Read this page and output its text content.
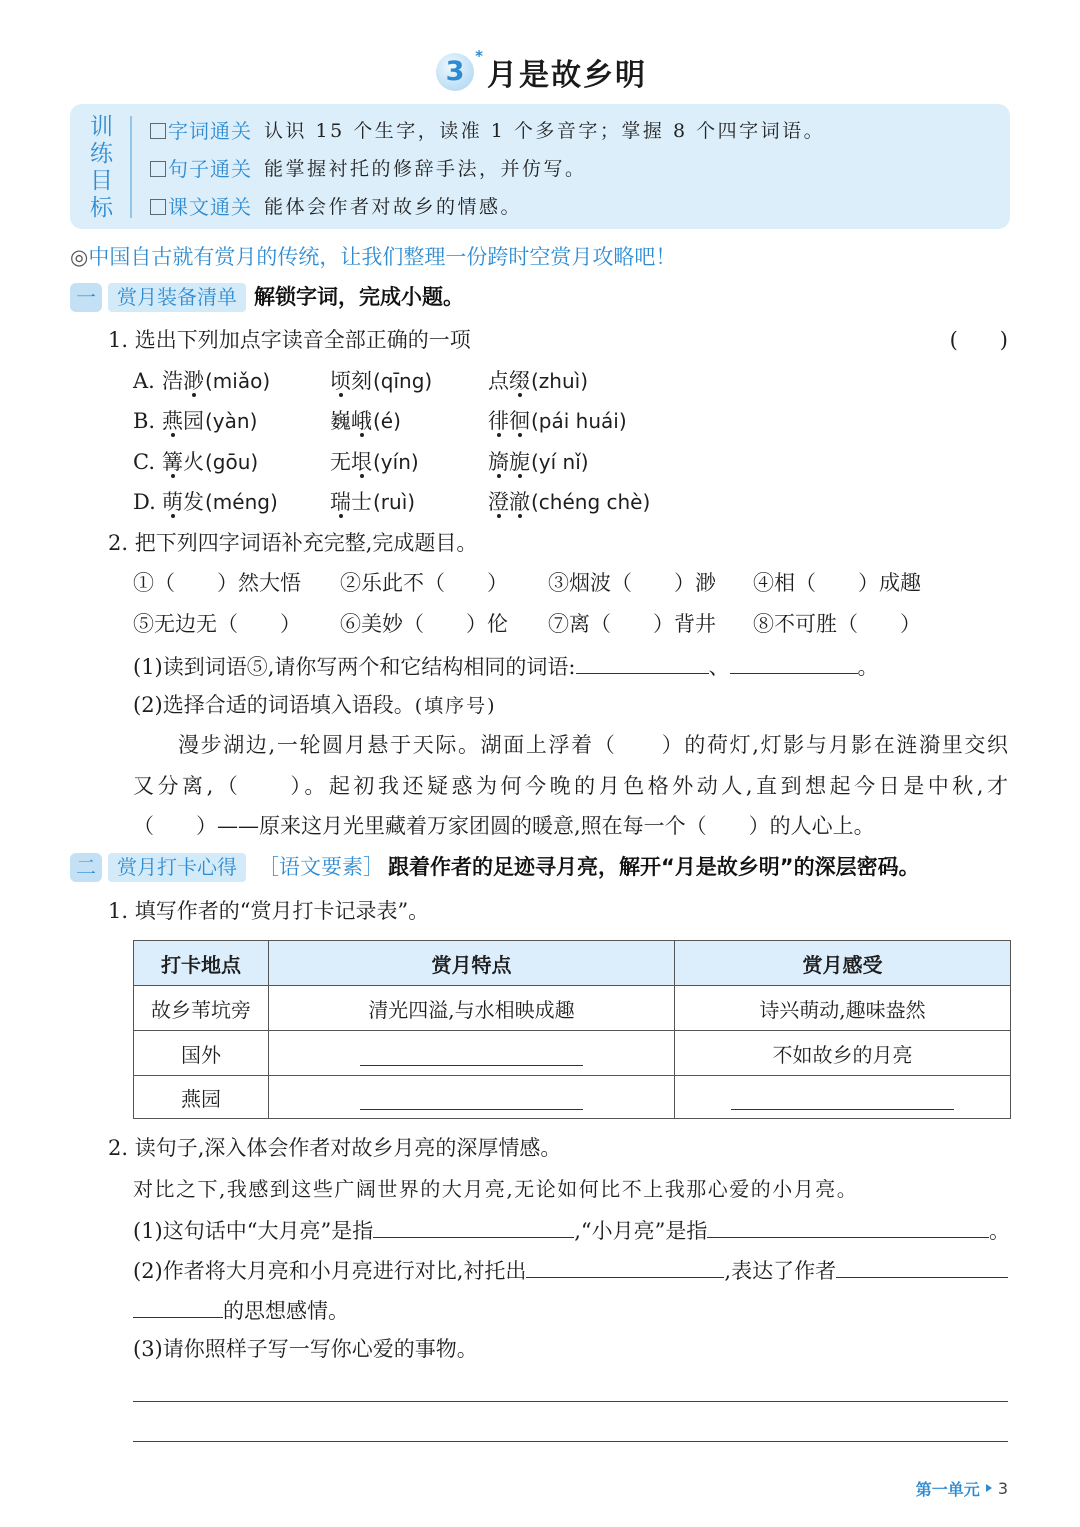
3 *
月是故乡明
训练目标	字词通关 认识 15 个生字，读准 1 个多音字；掌握 8 个四字词语。
句子通关 能掌握衬托的修辞手法，并仿写。
课文通关 能体会作者对故乡的情感。
◎中国自古就有赏月的传统，让我们整理一份跨时空赏月攻略吧！
一	赏月装备清单 解锁字词，完成小题。
1. 选出下列加点字读音全部正确的一项	(　　)
A. 浩渺(miǎo)	顷刻(qīng)	点缀(zhuì)
B. 燕园(yàn)	巍峨(é)	徘徊(pái huái)
C. 篝火(gōu)	无垠(yín)	旖旎(yí nǐ)
D. 萌发(méng) 瑞士(ruì)	澄澈(chéng chè)
2. 把下列四字词语补充完整,完成题目。
①（　　）然大悟 ②乐此不（　　） ③烟波（　　）渺 ④相（　　）成趣
⑤无边无（　　） ⑥美妙（　　）伦 ⑦离（　　）背井 ⑧不可胜（　　）
(1)读到词语⑤,请你写两个和它结构相同的词语:	、	。
(2)选择合适的词语填入语段。(填序号)
漫步湖边,一轮圆月悬于天际。湖面上浮着（　　）的荷灯,灯影与月影在涟漪里交织
又分离,（　　）。起初我还疑惑为何今晚的月色格外动人,直到想起今日是中秋,才
（　　）——原来这月光里藏着万家团圆的暖意,照在每一个（　　）的人心上。
二	赏月打卡心得	［语文要素］ 跟着作者的足迹寻月亮，解开“月是故乡明”的深层密码。
1. 填写作者的“赏月打卡记录表”。
打卡地点	赏月特点	赏月感受
故乡苇坑旁	清光四溢,与水相映成趣	诗兴萌动,趣味盎然
国外		不如故乡的月亮
燕园		
2. 读句子,深入体会作者对故乡月亮的深厚情感。
对比之下,我感到这些广阔世界的大月亮,无论如何比不上我那心爱的小月亮。
(1)这句话中“大月亮”是指	,“小月亮”是指	。
(2)作者将大月亮和小月亮进行对比,衬托出	,表达了作者
的思想感情。
(3)请你照样子写一写你心爱的事物。
第一单元 3
